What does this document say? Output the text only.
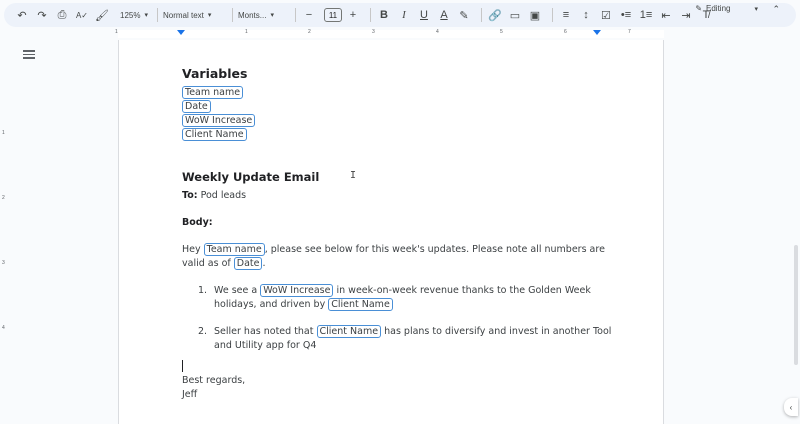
↶ ↷ ⎙	A✓ 🖌 125% ▾ Normal text ▾	Monts... ▾	−	11	+	B	I	U	A	✎	🔗 ▭ ▣	≡	↕	☑ •≡ 1≡ ⇤ ⇥	T̸
✎ Editing	▾ ⌃
1	1	2	3	4	5	6	7
1
2
3
4
Variables
Team name
Date
WoW Increase
Client Name
Weekly Update Email
To: Pod leads
Body:
Hey Team name , please see below for this week's updates. Please note all numbers are valid as of Date .
1. We see a WoW Increase in week-on-week revenue thanks to the Golden Week holidays, and driven by Client Name
2. Seller has noted that Client Name has plans to diversify and invest in another Tool and Utility app for Q4
Best regards,
Jeff
I
‹
